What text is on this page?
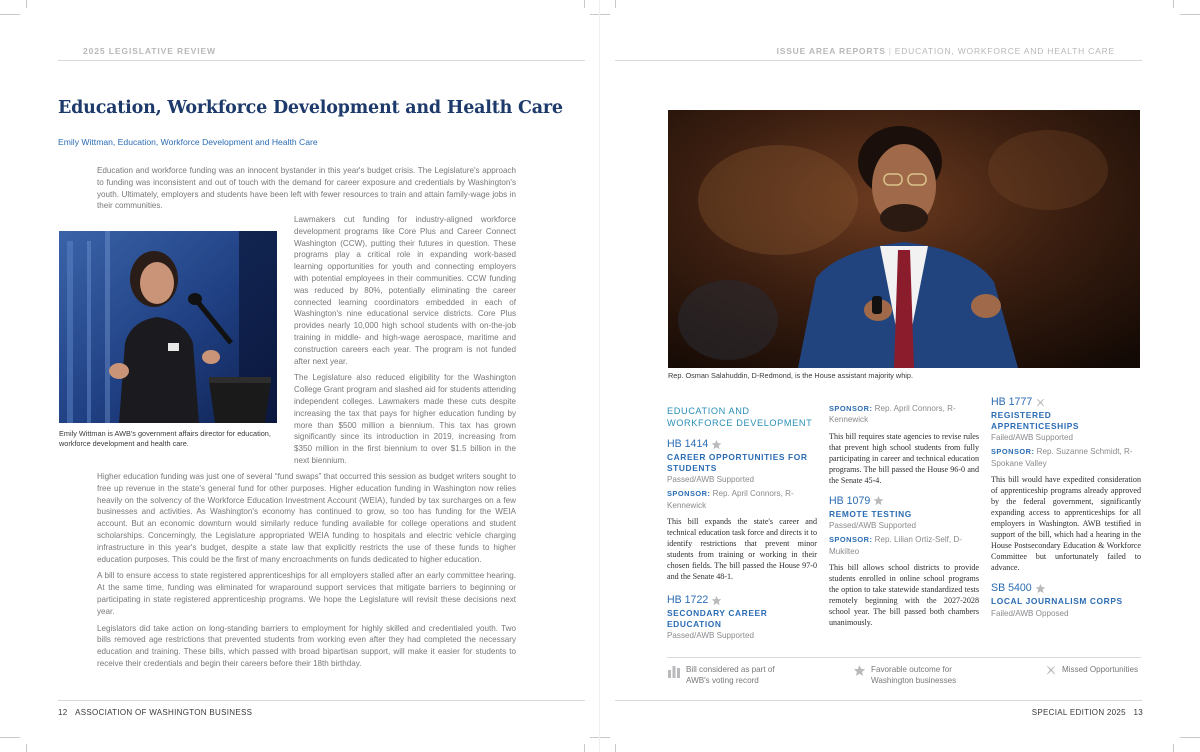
2025 LEGISLATIVE REVIEW	ISSUE AREA REPORTS | EDUCATION, WORKFORCE AND HEALTH CARE
Education, Workforce Development and Health Care
Emily Wittman, Education, Workforce Development and Health Care
Education and workforce funding was an innocent bystander in this year's budget crisis. The Legislature's approach to funding was inconsistent and out of touch with the demand for career exposure and credentials by Washington's youth. Ultimately, employers and students have been left with fewer resources to train and attain family-wage jobs in their communities.
Emily Wittman is AWB's government affairs director for education, workforce development and health care.

Lawmakers cut funding for industry-aligned workforce development programs like Core Plus and Career Connect Washington (CCW), putting their futures in question. These programs play a critical role in expanding work-based learning opportunities for youth and connecting employers with potential employees in their communities. CCW funding was reduced by 80%, potentially eliminating the career connected learning coordinators embedded in each of Washington's nine educational service districts. Core Plus provides nearly 10,000 high school students with on-the-job training in middle- and high-wage aerospace, maritime and construction careers each year. The program is not funded after next year.

The Legislature also reduced eligibility for the Washington College Grant program and slashed aid for students attending independent colleges. Lawmakers made these cuts despite increasing the tax that pays for higher education funding by more than $500 million a biennium. This tax has grown significantly since its introduction in 2019, increasing from $350 million in the first biennium to over $1.5 billion in the next biennium.

Higher education funding was just one of several “fund swaps” that occurred this session as budget writers sought to free up revenue in the state's general fund for other purposes. Higher education funding in Washington now relies heavily on the solvency of the Workforce Education Investment Account (WEIA), funded by tax surcharges on a few businesses and activities. As Washington's economy has continued to grow, so too has funding for the WEIA account. But an economic downturn would similarly reduce funding available for college operations and student scholarships. Concerningly, the Legislature appropriated WEIA funding to hospitals and electric vehicle charging infrastructure in this year's budget, despite a state law that explicitly restricts the use of these funds to higher education purposes. This could be the first of many encroachments on funds dedicated to higher education.

A bill to ensure access to state registered apprenticeships for all employers stalled after an early committee hearing. At the same time, funding was eliminated for wraparound support services that mitigate barriers to beginning or participating in state registered apprenticeship programs. We hope the Legislature will revisit these decisions next year.

Legislators did take action on long-standing barriers to employment for highly skilled and credentialed youth. Two bills removed age restrictions that prevented students from working even after they had completed the necessary education and training. These bills, which passed with broad bipartisan support, will make it easier for students to receive their credentials and begin their careers before their 18th birthday.

12 ASSOCIATION OF WASHINGTON BUSINESS
Rep. Osman Salahuddin, D-Redmond, is the House assistant majority whip.
EDUCATION AND WORKFORCE DEVELOPMENT
HB 1414
CAREER OPPORTUNITIES FOR STUDENTS
Passed/AWB Supported
SPONSOR: Rep. April Connors, R-Kennewick
This bill expands the state's career and technical education task force and directs it to identify restrictions that prevent minor students from training or working in their chosen fields. The bill passed the House 97-0 and the Senate 48-1.
HB 1722
SECONDARY CAREER EDUCATION
Passed/AWB Supported
SPONSOR: Rep. April Connors, R-Kennewick
This bill requires state agencies to revise rules that prevent high school students from fully participating in career and technical education programs. The bill passed the House 96-0 and the Senate 45-4.
HB 1079
REMOTE TESTING
Passed/AWB Supported
SPONSOR: Rep. Lilian Ortiz-Self, D-Mukilteo
This bill allows school districts to provide students enrolled in online school programs the option to take statewide standardized tests remotely beginning with the 2027-2028 school year. The bill passed both chambers unanimously.
HB 1777
REGISTERED APPRENTICESHIPS
Failed/AWB Supported
SPONSOR: Rep. Suzanne Schmidt, R-Spokane Valley
This bill would have expedited consideration of apprenticeship programs already approved by the federal government, significantly expanding access to apprenticeships for all employers in Washington. AWB testified in support of the bill, which had a hearing in the House Postsecondary Education & Workforce Committee but unfortunately failed to advance.
SB 5400
LOCAL JOURNALISM CORPS
Failed/AWB Opposed
Bill considered as part of AWB's voting record
Favorable outcome for Washington businesses
Missed Opportunities
SPECIAL EDITION 2025 13
